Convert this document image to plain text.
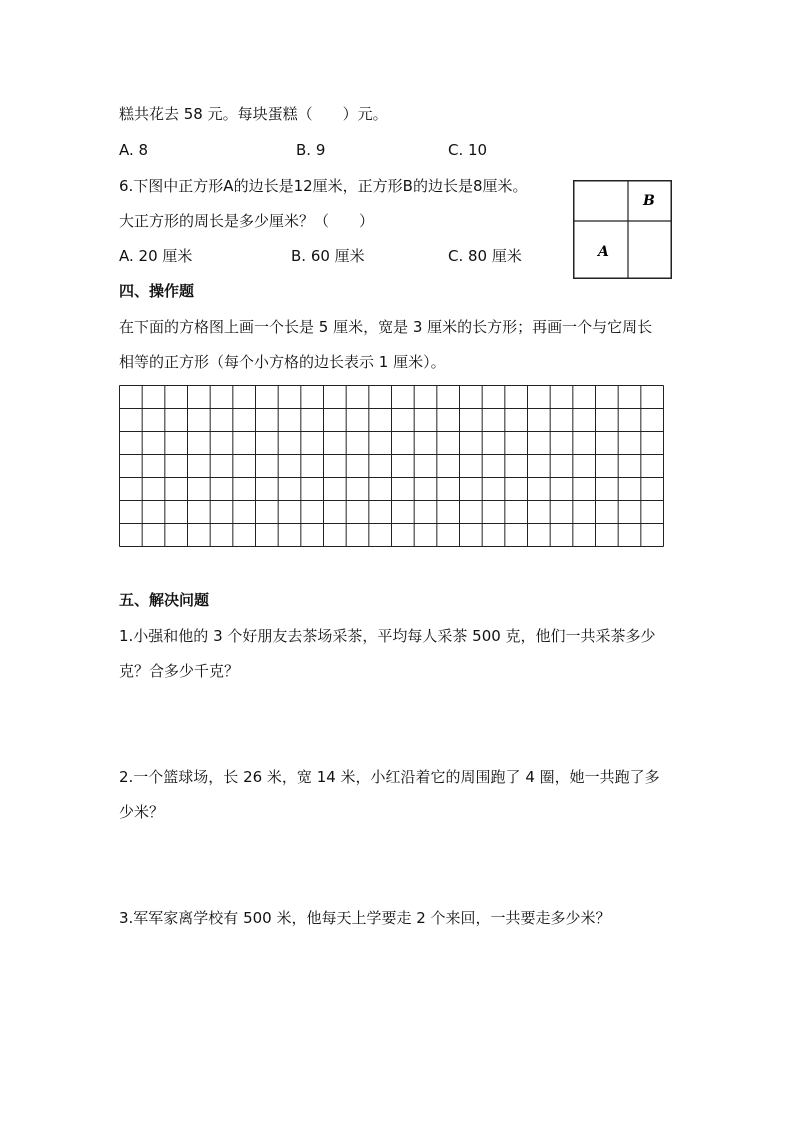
糕共花去 58 元。每块蛋糕（　　）元。
A. 8	B. 9	C. 10
6.下图中正方形A的边长是12厘米，正方形B的边长是8厘米。
大正方形的周长是多少厘米？（　　）
A. 20 厘米	B. 60 厘米	C. 80 厘米
B
A
四、操作题
在下面的方格图上画一个长是 5 厘米，宽是 3 厘米的长方形；再画一个与它周长
相等的正方形（每个小方格的边长表示 1 厘米）。
五、解决问题
1.小强和他的 3 个好朋友去茶场采茶，平均每人采茶 500 克，他们一共采茶多少
克？合多少千克？
2.一个篮球场，长 26 米，宽 14 米，小红沿着它的周围跑了 4 圈，她一共跑了多
少米？
3.军军家离学校有 500 米，他每天上学要走 2 个来回，一共要走多少米？
